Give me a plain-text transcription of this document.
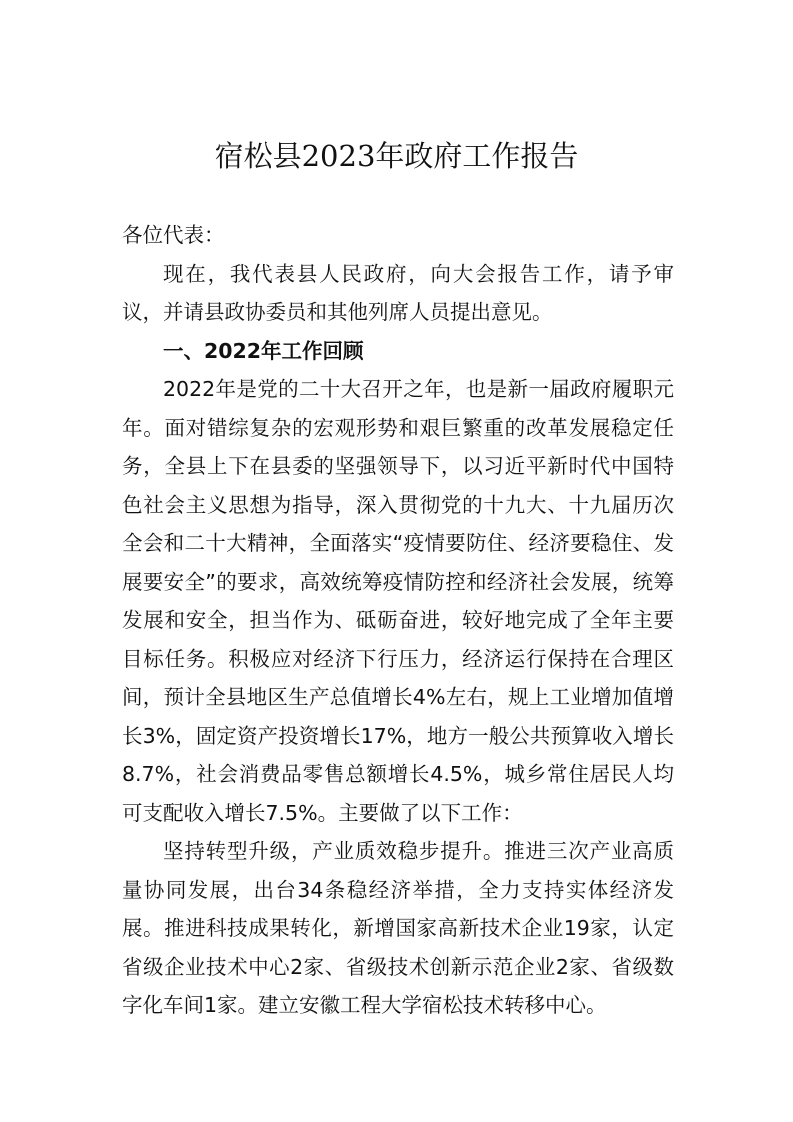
宿松县2023年政府工作报告

各位代表：

现在，我代表县人民政府，向大会报告工作，请予审议，并请县政协委员和其他列席人员提出意见。

一、2022年工作回顾

2022年是党的二十大召开之年，也是新一届政府履职元年。面对错综复杂的宏观形势和艰巨繁重的改革发展稳定任务，全县上下在县委的坚强领导下，以习近平新时代中国特色社会主义思想为指导，深入贯彻党的十九大、十九届历次全会和二十大精神，全面落实“疫情要防住、经济要稳住、发展要安全”的要求，高效统筹疫情防控和经济社会发展，统筹发展和安全，担当作为、砥砺奋进，较好地完成了全年主要目标任务。积极应对经济下行压力，经济运行保持在合理区间，预计全县地区生产总值增长4%左右，规上工业增加值增长3%，固定资产投资增长17%，地方一般公共预算收入增长8.7%，社会消费品零售总额增长4.5%，城乡常住居民人均可支配收入增长7.5%。主要做了以下工作：

坚持转型升级，产业质效稳步提升。推进三次产业高质量协同发展，出台34条稳经济举措，全力支持实体经济发展。推进科技成果转化，新增国家高新技术企业19家，认定省级企业技术中心2家、省级技术创新示范企业2家、省级数字化车间1家。建立安徽工程大学宿松技术转移中心。
